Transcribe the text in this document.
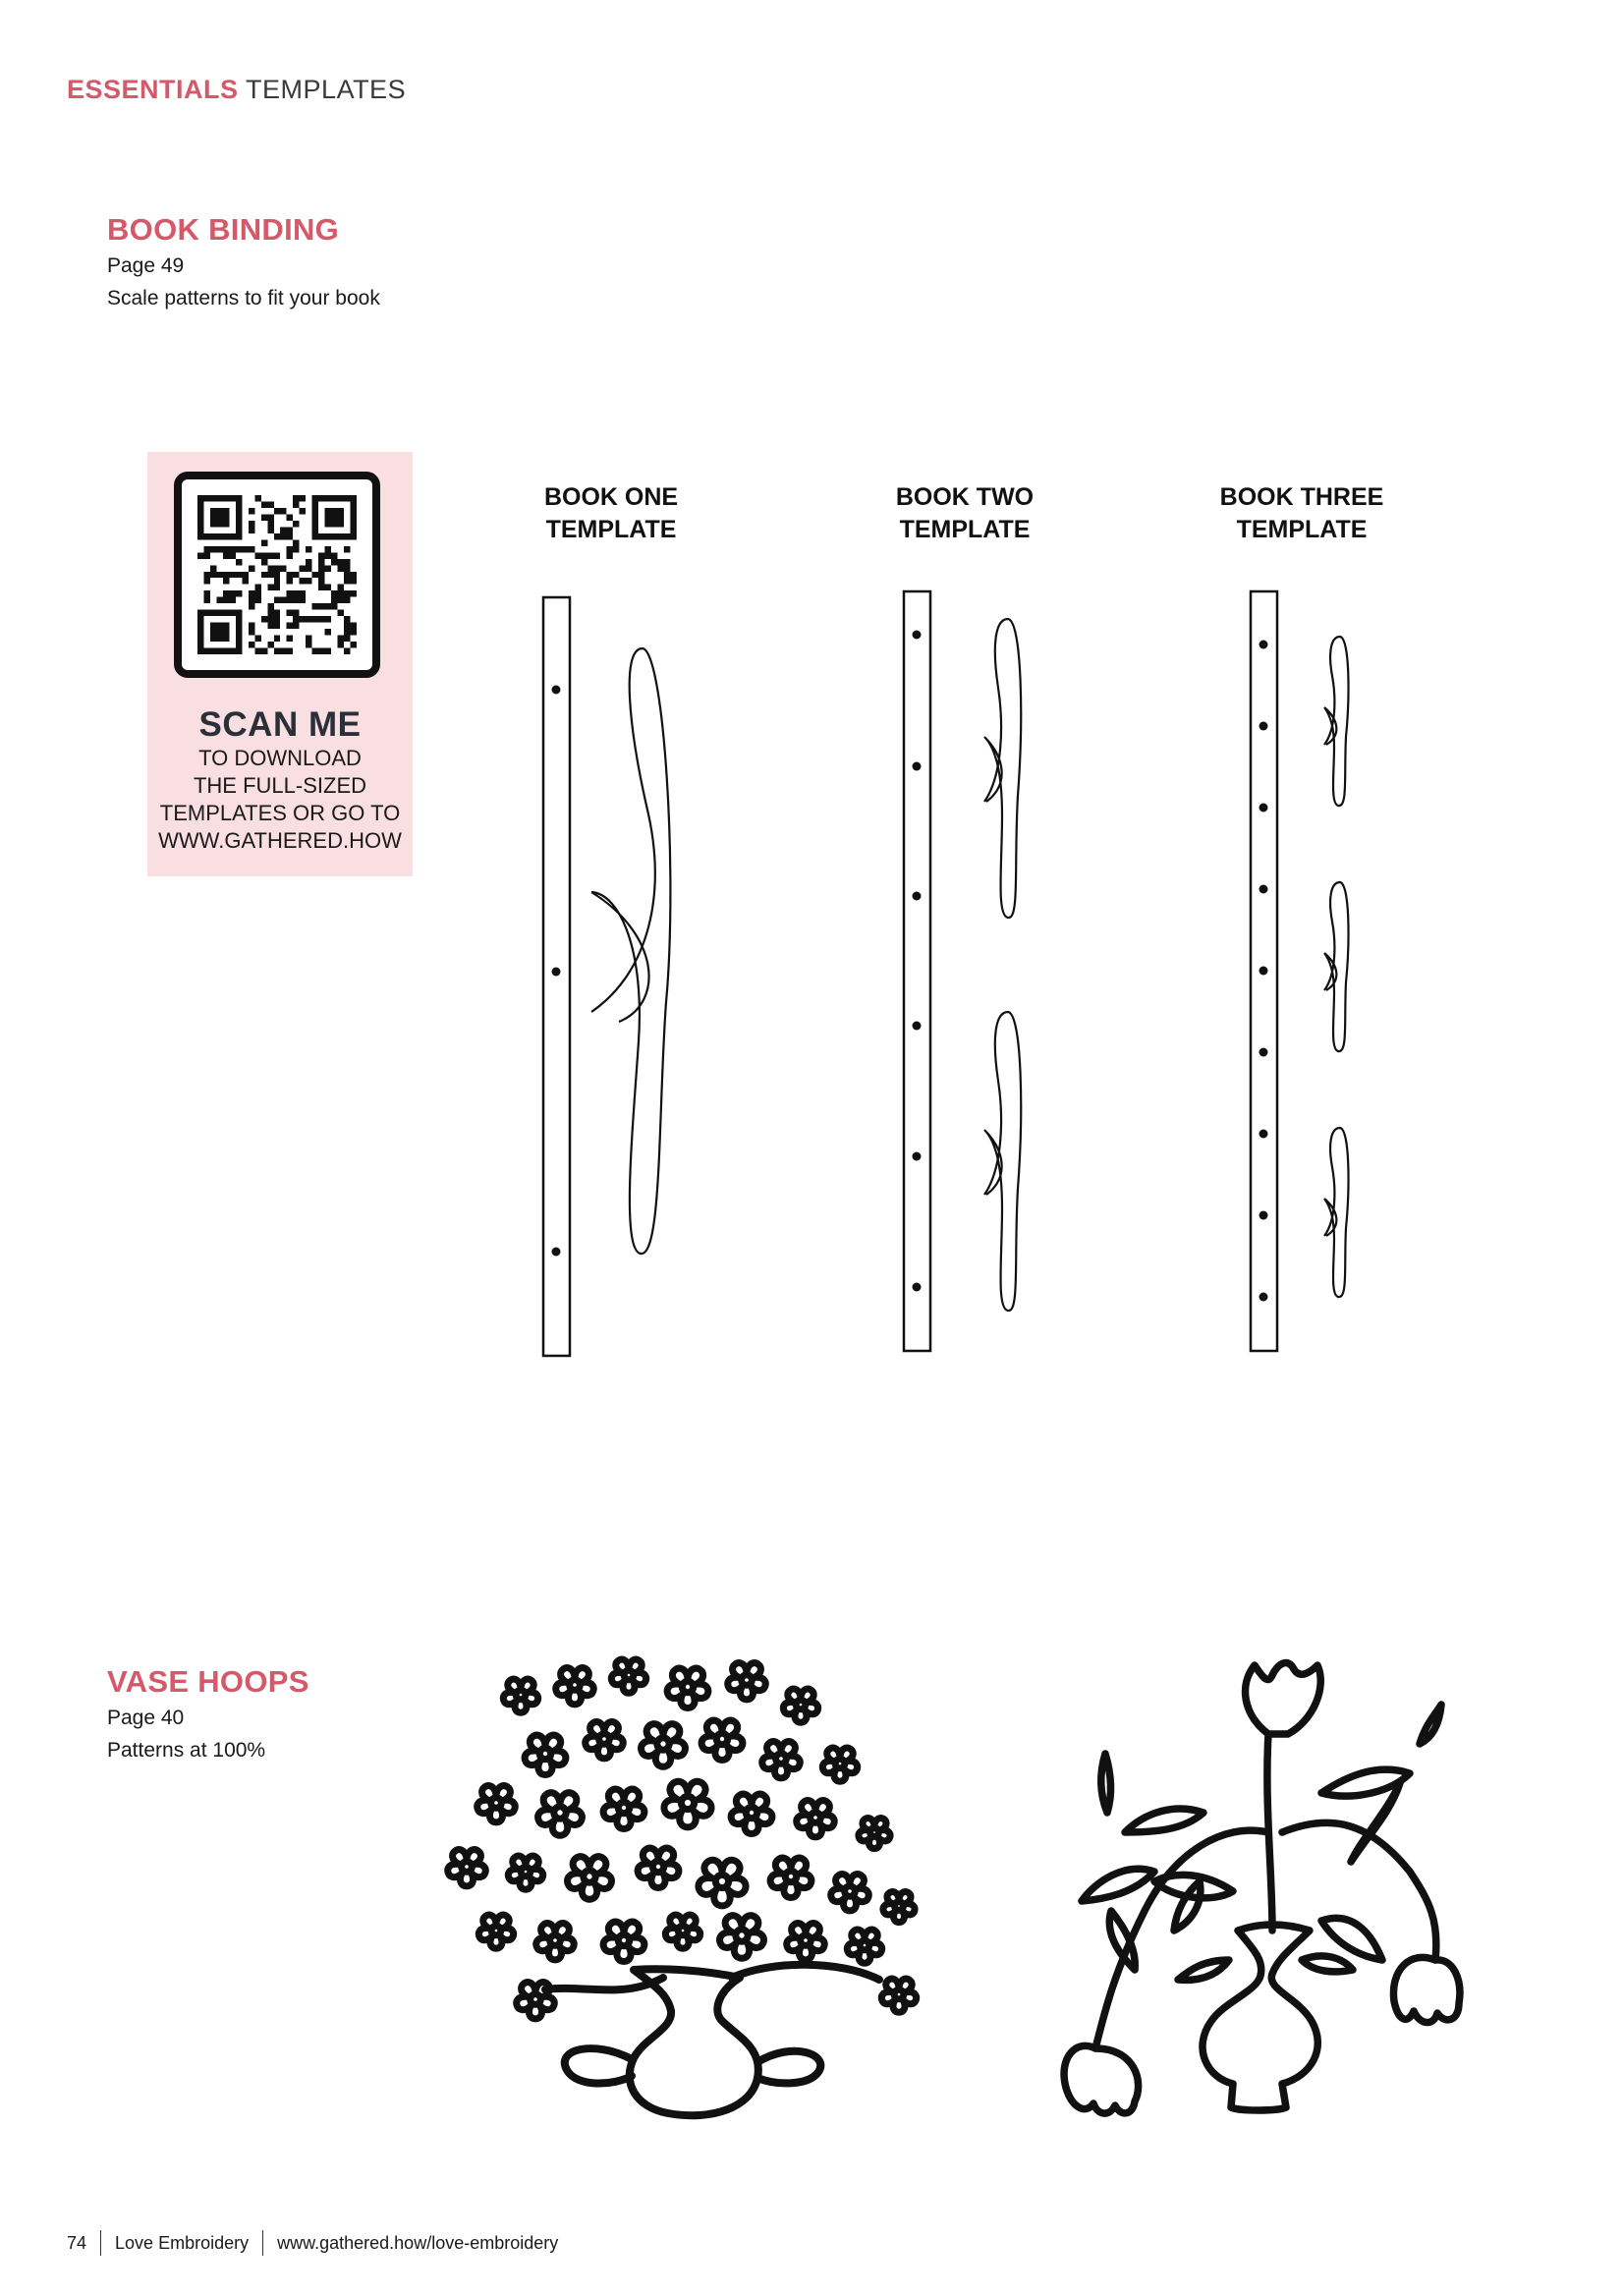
ESSENTIALS TEMPLATES
BOOK BINDING
Page 49
Scale patterns to fit your book
SCAN ME
TO DOWNLOAD
THE FULL-SIZED
TEMPLATES OR GO TO
WWW.GATHERED.HOW
BOOK ONE
TEMPLATE
BOOK TWO
TEMPLATE
BOOK THREE
TEMPLATE
VASE HOOPS
Page 40
Patterns at 100%
74 Love Embroidery www.gathered.how/love-embroidery
